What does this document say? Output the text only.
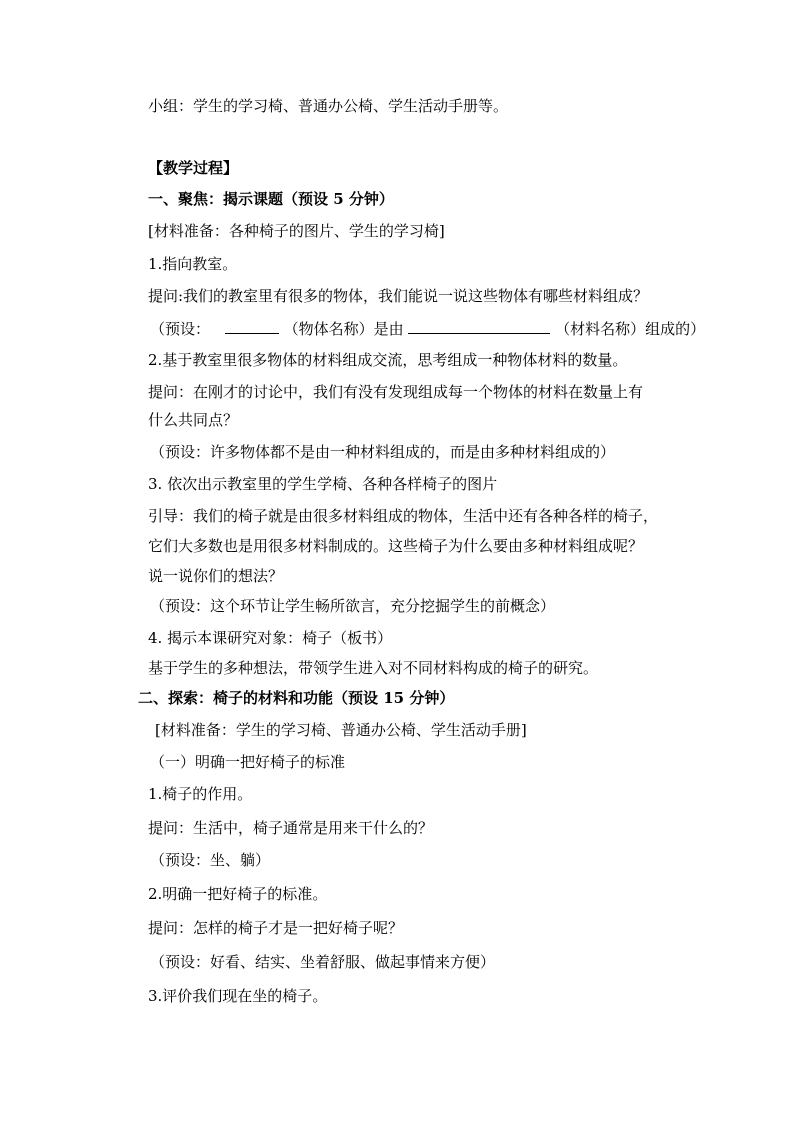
小组：学生的学习椅、普通办公椅、学生活动手册等。
【教学过程】
一、聚焦：揭示课题（预设 5 分钟）
[材料准备：各种椅子的图片、学生的学习椅]
1.指向教室。
提问:我们的教室里有很多的物体，我们能说一说这些物体有哪些材料组成？
（预设：	（物体名称）是由	（材料名称）组成的）
2.基于教室里很多物体的材料组成交流，思考组成一种物体材料的数量。
提问：在刚才的讨论中，我们有没有发现组成每一个物体的材料在数量上有
什么共同点？
（预设：许多物体都不是由一种材料组成的，而是由多种材料组成的）
3. 依次出示教室里的学生学椅、各种各样椅子的图片
引导：我们的椅子就是由很多材料组成的物体，生活中还有各种各样的椅子，
它们大多数也是用很多材料制成的。这些椅子为什么要由多种材料组成呢？
说一说你们的想法？
（预设：这个环节让学生畅所欲言，充分挖掘学生的前概念）
4. 揭示本课研究对象：椅子（板书）
基于学生的多种想法，带领学生进入对不同材料构成的椅子的研究。
二、探索：椅子的材料和功能（预设 15 分钟）
[材料准备：学生的学习椅、普通办公椅、学生活动手册]
（一）明确一把好椅子的标准
1.椅子的作用。
提问：生活中，椅子通常是用来干什么的？
（预设：坐、躺）
2.明确一把好椅子的标准。
提问：怎样的椅子才是一把好椅子呢？
（预设：好看、结实、坐着舒服、做起事情来方便）
3.评价我们现在坐的椅子。
